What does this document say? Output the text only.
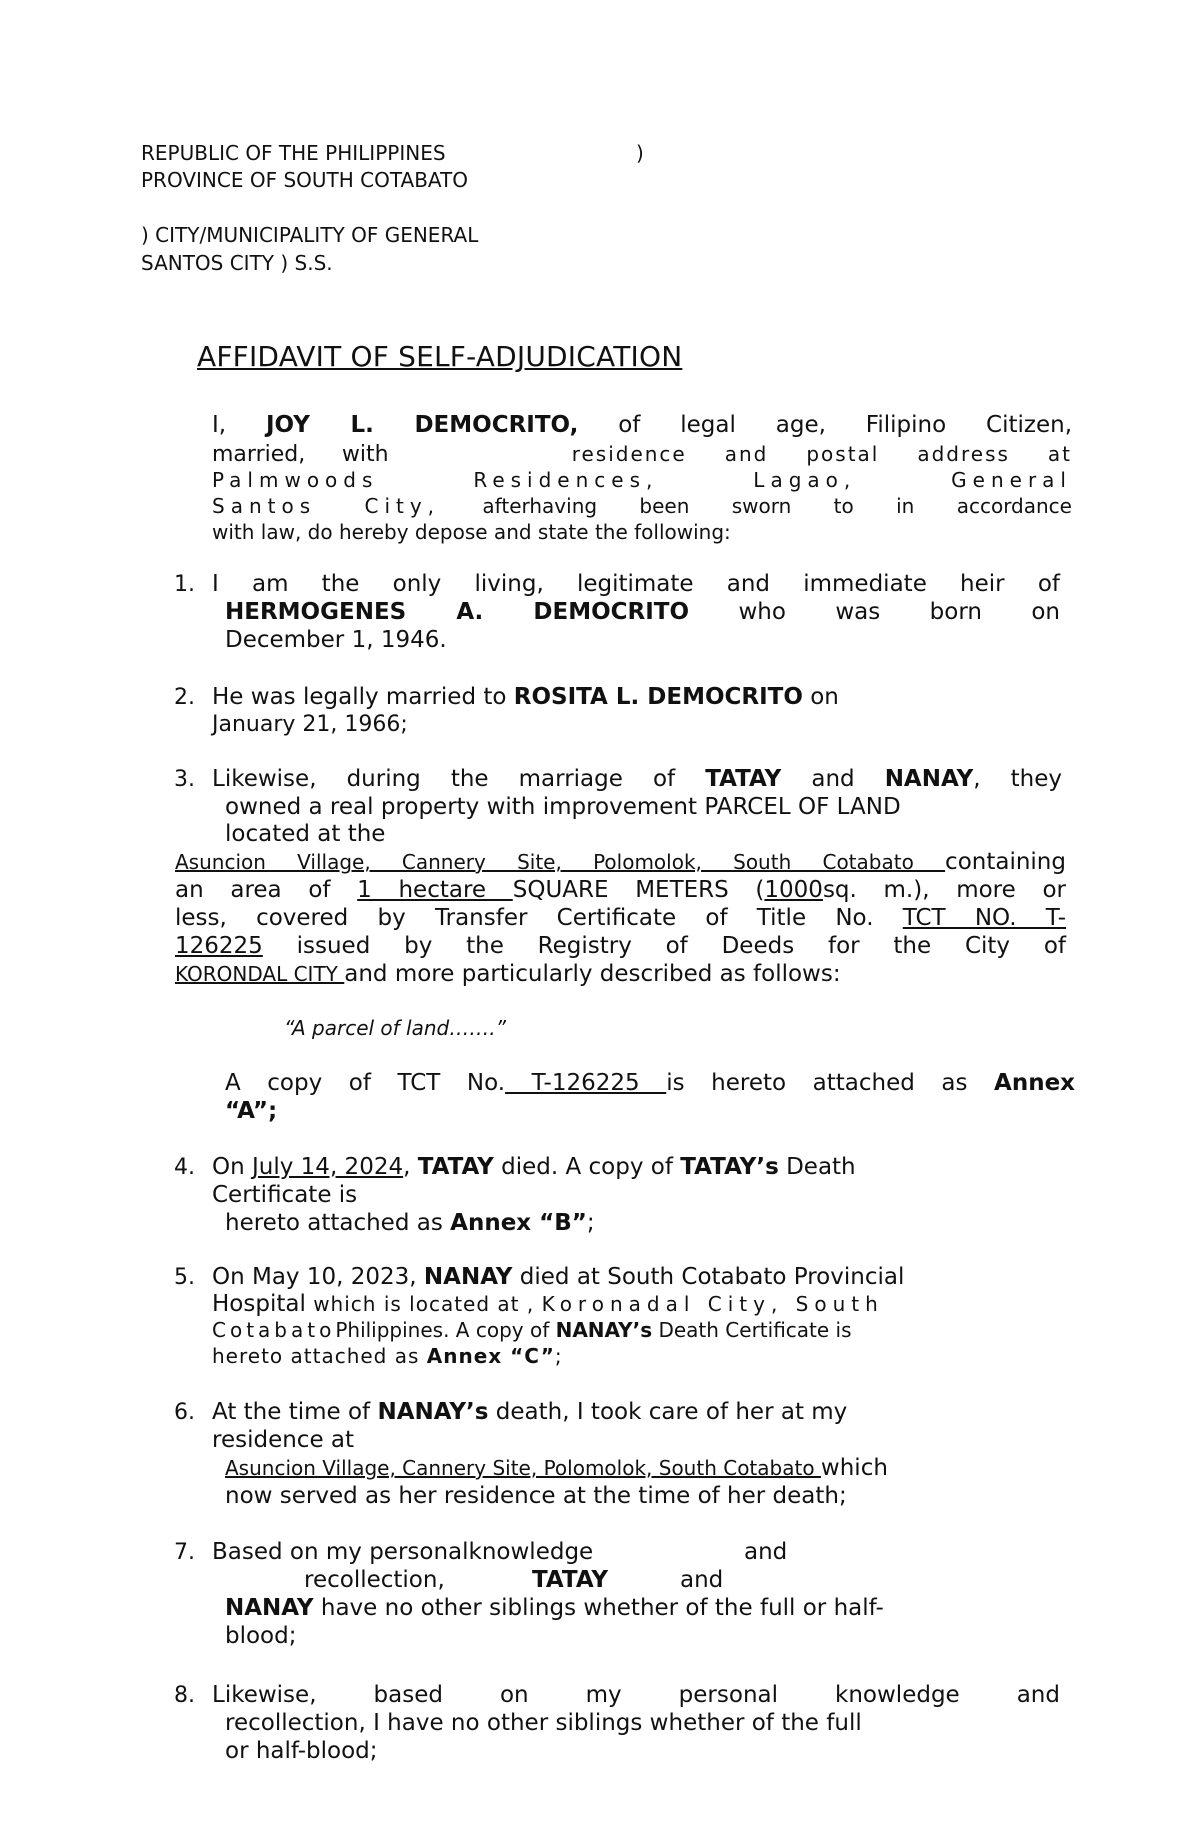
REPUBLIC OF THE PHILIPPINES	)
PROVINCE OF SOUTH COTABATO
) CITY/MUNICIPALITY OF GENERAL
SANTOS CITY ) S.S.
AFFIDAVIT OF SELF-ADJUDICATION
I, JOY L. DEMOCRITO, of legal age, Filipino Citizen,
married, with	residence and postal address at
Palmwoods Residences, Lagao, General
Santos City, afterhaving been sworn to in accordance
with law, do hereby depose and state the following:
1. I am the only living, legitimate and immediate heir of
HERMOGENES A. DEMOCRITO who was born on
December 1, 1946.
2. He was legally married to ROSITA L. DEMOCRITO on
January 21, 1966;
3. Likewise, during the marriage of TATAY and NANAY, they
owned a real property with improvement PARCEL OF LAND
located at the
Asuncion Village, Cannery Site, Polomolok, South Cotabato containing
an area of 1 hectare SQUARE METERS (1000sq. m.), more or
less, covered by Transfer Certificate of Title No. TCT NO. T-
126225 issued by the Registry of Deeds for the City of
KORONDAL CITY and more particularly described as follows:
“A parcel of land…….”
A copy of TCT No. T-126225 is hereto attached as Annex
“A”;
4. On July 14, 2024, TATAY died. A copy of TATAY’s Death
Certificate is
hereto attached as Annex “B”;
5. On May 10, 2023, NANAY died at South Cotabato Provincial
Hospital which is located at , Koronadal City, South
CotabatoPhilippines. A copy of NANAY’s Death Certificate is
hereto attached as Annex “C”;
6. At the time of NANAY’s death, I took care of her at my
residence at
Asuncion Village, Cannery Site, Polomolok, South Cotabato which
now served as her residence at the time of her death;
7. Based on my personalknowledge	and
recollection,	TATAY	and
NANAY have no other siblings whether of the full or half-
blood;
8. Likewise, based on my personal knowledge and
recollection, I have no other siblings whether of the full
or half-blood;
